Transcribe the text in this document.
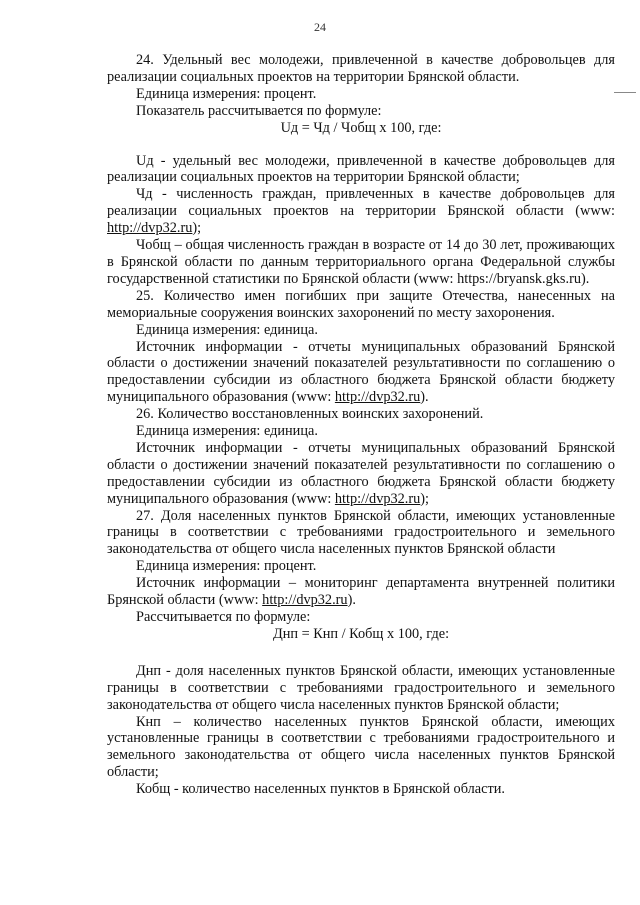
24

24. Удельный вес молодежи, привлеченной в качестве добровольцев для реализации социальных проектов на территории Брянской области.

Единица измерения: процент.

Показатель рассчитывается по формуле:

Uд = Чд / Чобщ х 100, где:

Uд - удельный вес молодежи, привлеченной в качестве добровольцев для реализации социальных проектов на территории Брянской области;

Чд - численность граждан, привлеченных в качестве добровольцев для реализации социальных проектов на территории Брянской области (www: http://dvp32.ru);

Чобщ – общая численность граждан в возрасте от 14 до 30 лет, проживающих в Брянской области по данным территориального органа Федеральной службы государственной статистики по Брянской области (www: https://bryansk.gks.ru).

25. Количество имен погибших при защите Отечества, нанесенных на мемориальные сооружения воинских захоронений по месту захоронения.

Единица измерения: единица.

Источник информации - отчеты муниципальных образований Брянской области о достижении значений показателей результативности по соглашению о предоставлении субсидии из областного бюджета Брянской области бюджету муниципального образования (www: http://dvp32.ru).

26. Количество восстановленных воинских захоронений.

Единица измерения: единица.

Источник информации - отчеты муниципальных образований Брянской области о достижении значений показателей результативности по соглашению о предоставлении субсидии из областного бюджета Брянской области бюджету муниципального образования (www: http://dvp32.ru);

27. Доля населенных пунктов Брянской области, имеющих установленные границы в соответствии с требованиями градостроительного и земельного законодательства от общего числа населенных пунктов Брянской области

Единица измерения: процент.

Источник информации – мониторинг департамента внутренней политики Брянской области (www: http://dvp32.ru).

Рассчитывается по формуле:

Днп = Кнп / Кобщ х 100, где:

Днп - доля населенных пунктов Брянской области, имеющих установленные границы в соответствии с требованиями градостроительного и земельного законодательства от общего числа населенных пунктов Брянской области;

Кнп – количество населенных пунктов Брянской области, имеющих установленные границы в соответствии с требованиями градостроительного и земельного законодательства от общего числа населенных пунктов Брянской области;

Кобщ - количество населенных пунктов в Брянской области.
